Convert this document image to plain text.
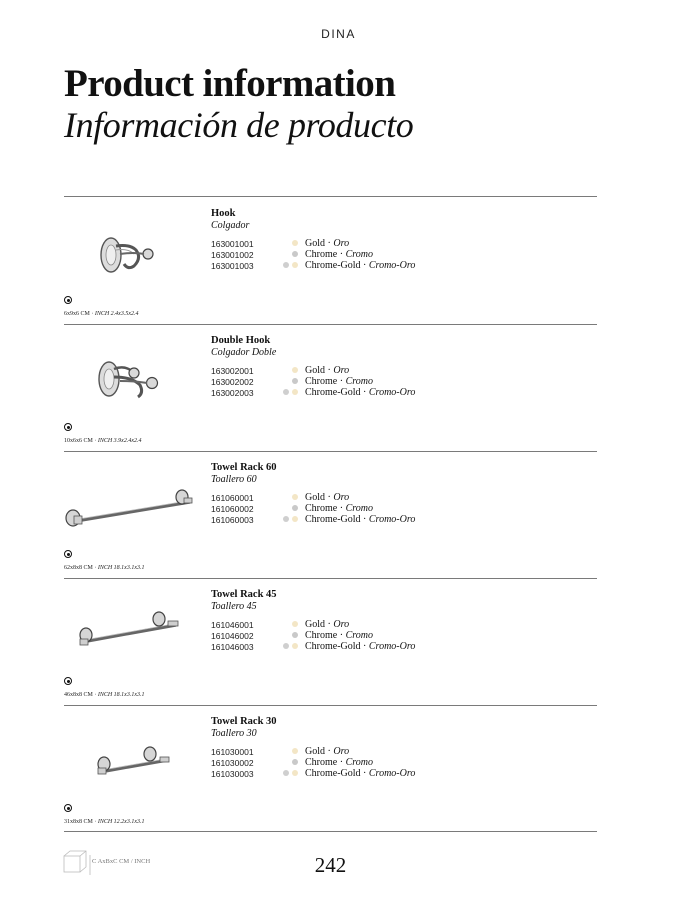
DINA
Product information
Información de producto
Hook
Colgador
163001001
163001002
163001003
Gold · Oro
Chrome · Cromo
Chrome-Gold · Cromo-Oro
6x9x6 CM · INCH 2.4x3.5x2.4
Double Hook
Colgador Doble
163002001
163002002
163002003
Gold · Oro
Chrome · Cromo
Chrome-Gold · Cromo-Oro
10x6x6 CM · INCH 3.9x2.4x2.4
Towel Rack 60
Toallero 60
161060001
161060002
161060003
Gold · Oro
Chrome · Cromo
Chrome-Gold · Cromo-Oro
62x8x8 CM · INCH 18.1x3.1x3.1
Towel Rack 45
Toallero 45
161046001
161046002
161046003
Gold · Oro
Chrome · Cromo
Chrome-Gold · Cromo-Oro
46x8x8 CM · INCH 18.1x3.1x3.1
Towel Rack 30
Toallero 30
161030001
161030002
161030003
Gold · Oro
Chrome · Cromo
Chrome-Gold · Cromo-Oro
31x8x8 CM · INCH 12.2x3.1x3.1
C AxBxC CM / INCH	242
